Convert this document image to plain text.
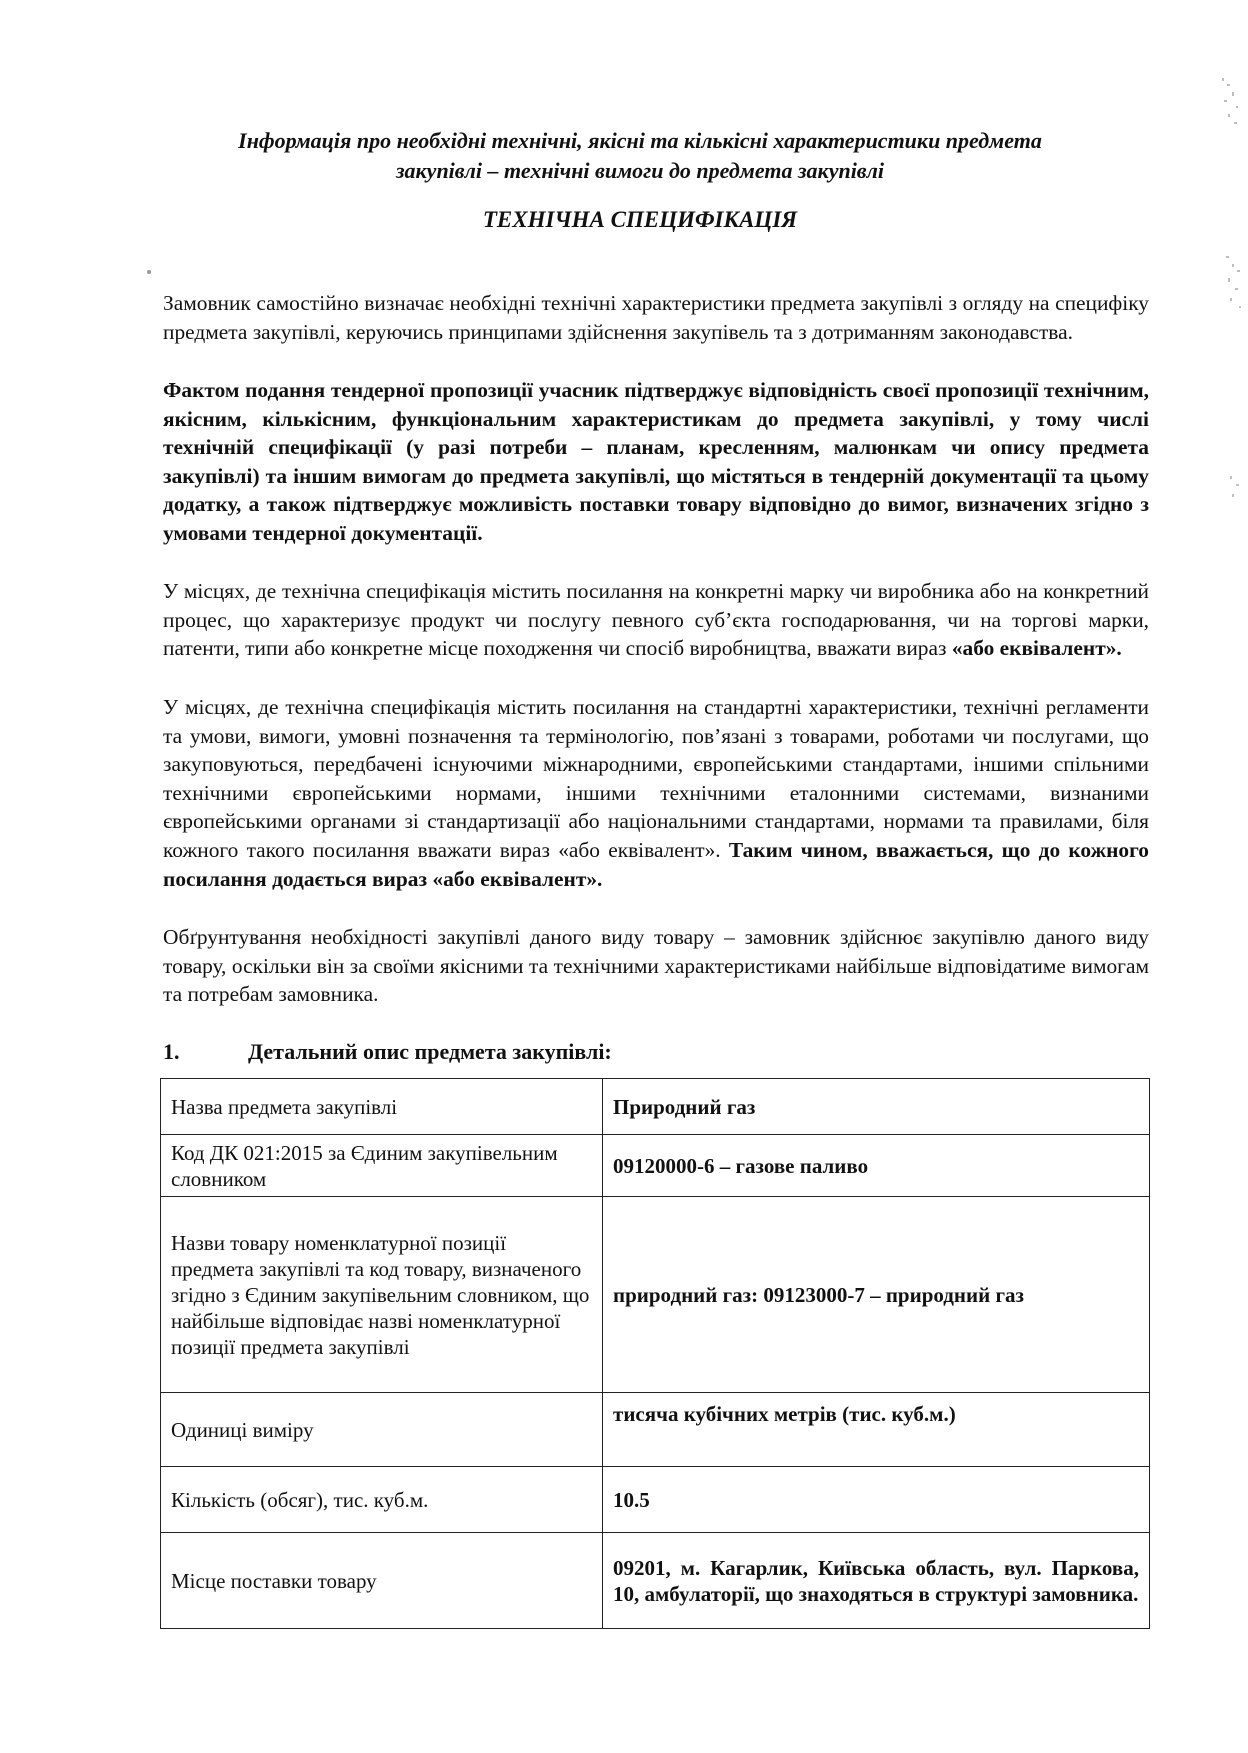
Інформація про необхідні технічні, якісні та кількісні характеристики предмета
закупівлі – технічні вимоги до предмета закупівлі
ТЕХНІЧНА СПЕЦИФІКАЦІЯ

Замовник самостійно визначає необхідні технічні характеристики предмета закупівлі з огляду на специфіку предмета закупівлі, керуючись принципами здійснення закупівель та з дотриманням законодавства.

Фактом подання тендерної пропозиції учасник підтверджує відповідність своєї пропозиції технічним, якісним, кількісним, функціональним характеристикам до предмета закупівлі, у тому числі технічній специфікації (у разі потреби – планам, кресленням, малюнкам чи опису предмета закупівлі) та іншим вимогам до предмета закупівлі, що містяться в тендерній документації та цьому додатку, а також підтверджує можливість поставки товару відповідно до вимог, визначених згідно з умовами тендерної документації.

У місцях, де технічна специфікація містить посилання на конкретні марку чи виробника або на конкретний процес, що характеризує продукт чи послугу певного суб’єкта господарювання, чи на торгові марки, патенти, типи або конкретне місце походження чи спосіб виробництва, вважати вираз «або еквівалент».

У місцях, де технічна специфікація містить посилання на стандартні характеристики, технічні регламенти та умови, вимоги, умовні позначення та термінологію, пов’язані з товарами, роботами чи послугами, що закуповуються, передбачені існуючими міжнародними, європейськими стандартами, іншими спільними технічними європейськими нормами, іншими технічними еталонними системами, визнаними європейськими органами зі стандартизації або національними стандартами, нормами та правилами, біля кожного такого посилання вважати вираз «або еквівалент». Таким чином, вважається, що до кожного посилання додається вираз «або еквівалент».

Обґрунтування необхідності закупівлі даного виду товару – замовник здійснює закупівлю даного виду товару, оскільки він за своїми якісними та технічними характеристиками найбільше відповідатиме вимогам та потребам замовника.

1.	Детальний опис предмета закупівлі:
Назва предмета закупівлі	Природний газ
Код ДК 021:2015 за Єдиним закупівельним словником	09120000-6 – газове паливо
Назви товару номенклатурної позиції предмета закупівлі та код товару, визначеного згідно з Єдиним закупівельним словником, що найбільше відповідає назві номенклатурної позиції предмета закупівлі	природний газ: 09123000-7 – природний газ
Одиниці виміру	тисяча кубічних метрів (тис. куб.м.)
Кількість (обсяг), тис. куб.м.	10.5
Місце поставки товару	09201, м. Кагарлик, Київська область, вул. Паркова, 10, амбулаторії, що знаходяться в структурі замовника.
